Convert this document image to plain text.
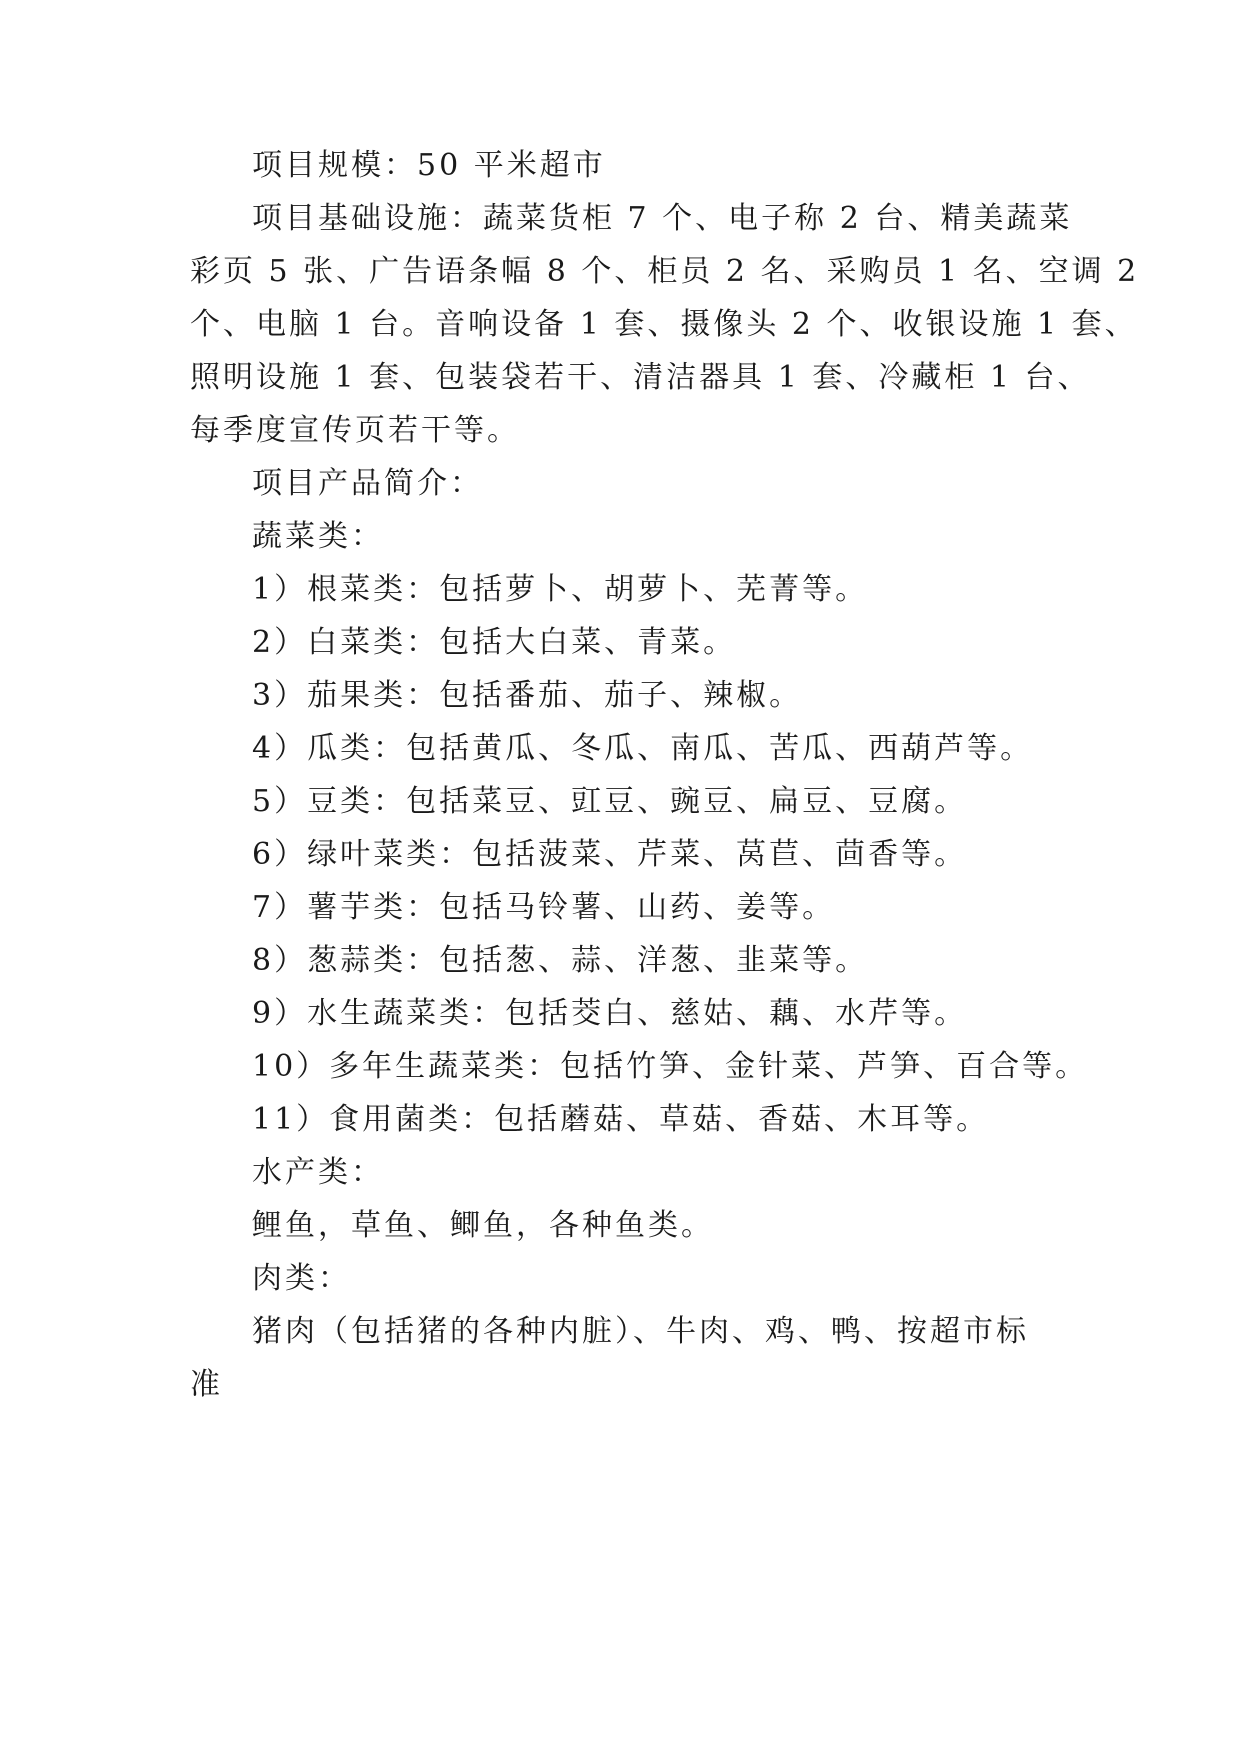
项目规模：50 平米超市
项目基础设施：蔬菜货柜 7 个、电子称 2 台、精美蔬菜
彩页 5 张、广告语条幅 8 个、柜员 2 名、采购员 1 名、空调 2
个、电脑 1 台。音响设备 1 套、摄像头 2 个、收银设施 1 套、
照明设施 1 套、包装袋若干、清洁器具 1 套、冷藏柜 1 台、
每季度宣传页若干等。
项目产品简介：
蔬菜类：
1）根菜类：包括萝卜、胡萝卜、芜菁等。
2）白菜类：包括大白菜、青菜。
3）茄果类：包括番茄、茄子、辣椒。
4）瓜类：包括黄瓜、冬瓜、南瓜、苦瓜、西葫芦等。
5）豆类：包括菜豆、豇豆、豌豆、扁豆、豆腐。
6）绿叶菜类：包括菠菜、芹菜、莴苣、茴香等。
7）薯芋类：包括马铃薯、山药、姜等。
8）葱蒜类：包括葱、蒜、洋葱、韭菜等。
9）水生蔬菜类：包括茭白、慈姑、藕、水芹等。
10）多年生蔬菜类：包括竹笋、金针菜、芦笋、百合等。
11）食用菌类：包括蘑菇、草菇、香菇、木耳等。
水产类：
鲤鱼，草鱼、鲫鱼，各种鱼类。
肉类：
猪肉（包括猪的各种内脏）、牛肉、鸡、鸭、按超市标
准
